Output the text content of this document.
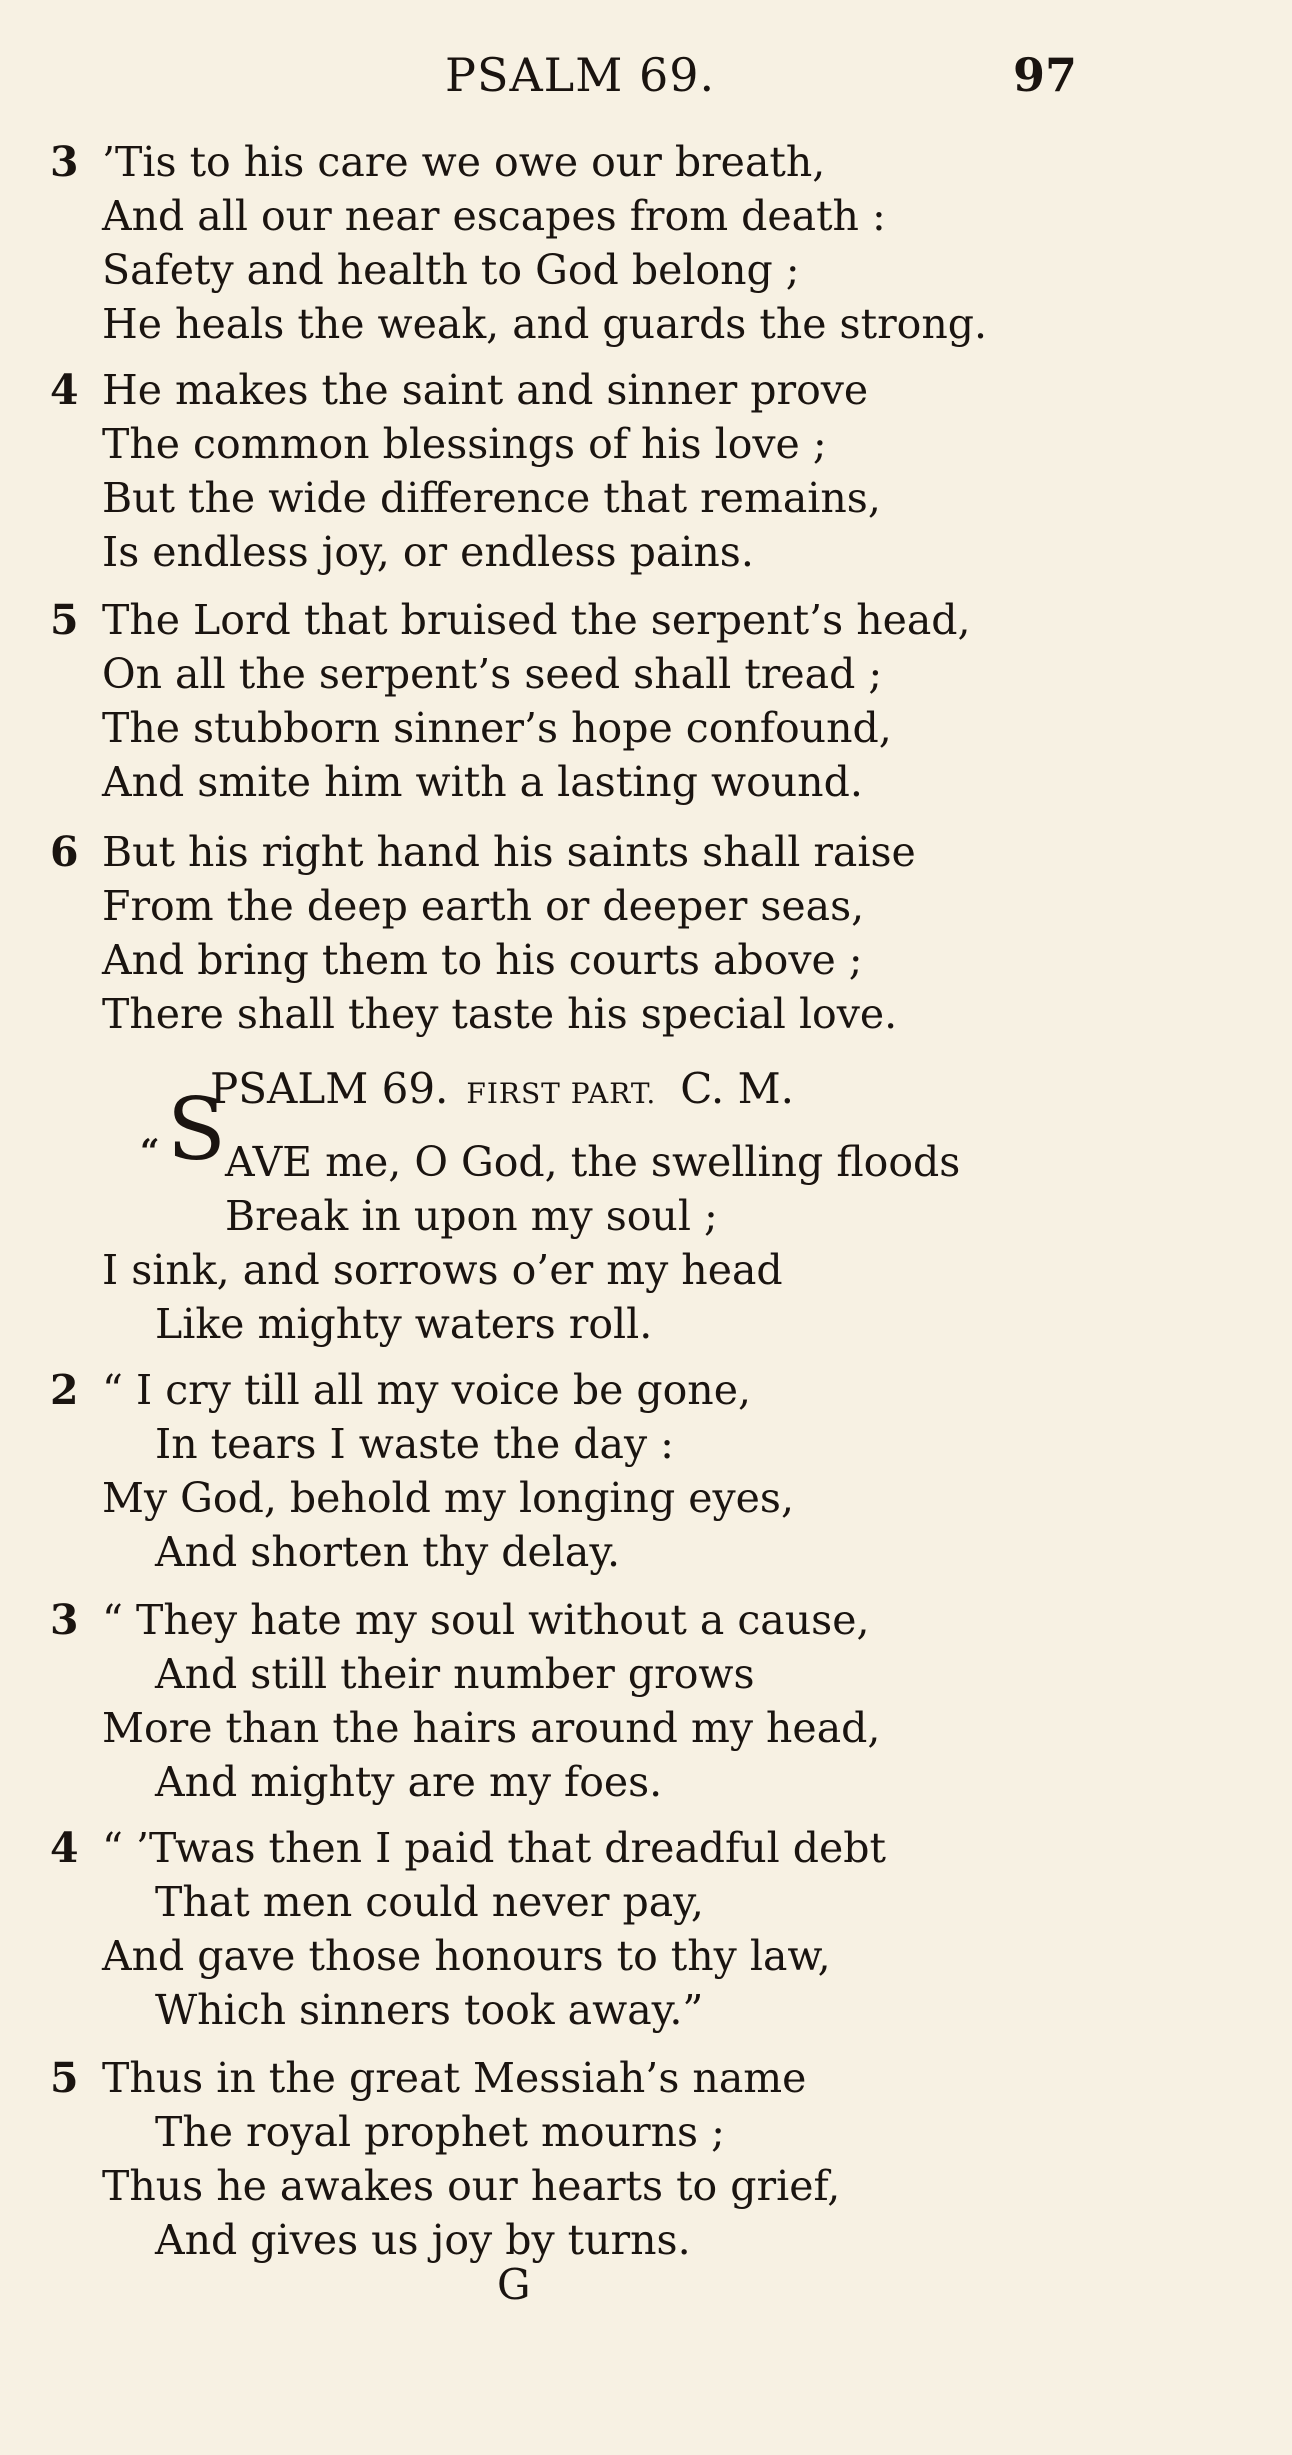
PSALM 69.	97
3 ’Tis to his care we owe our breath,
And all our near escapes from death :
Safety and health to God belong ;
He heals the weak, and guards the strong.
4 He makes the saint and sinner prove
The common blessings of his love ;
But the wide difference that remains,
Is endless joy, or endless pains.
5 The Lord that bruised the serpent’s head,
On all the serpent’s seed shall tread ;
The stubborn sinner’s hope confound,
And smite him with a lasting wound.
6 But his right hand his saints shall raise
From the deep earth or deeper seas,
And bring them to his courts above ;
There shall they taste his special love.
PSALM 69. FIRST PART. C. M.
“ S AVE me, O God, the swelling floods
Break in upon my soul ;
I sink, and sorrows o’er my head
Like mighty waters roll.
2 “ I cry till all my voice be gone,
In tears I waste the day :
My God, behold my longing eyes,
And shorten thy delay.
3 “ They hate my soul without a cause,
And still their number grows
More than the hairs around my head,
And mighty are my foes.
4 “ ’Twas then I paid that dreadful debt
That men could never pay,
And gave those honours to thy law,
Which sinners took away.”
5 Thus in the great Messiah’s name
The royal prophet mourns ;
Thus he awakes our hearts to grief,
And gives us joy by turns.
G
